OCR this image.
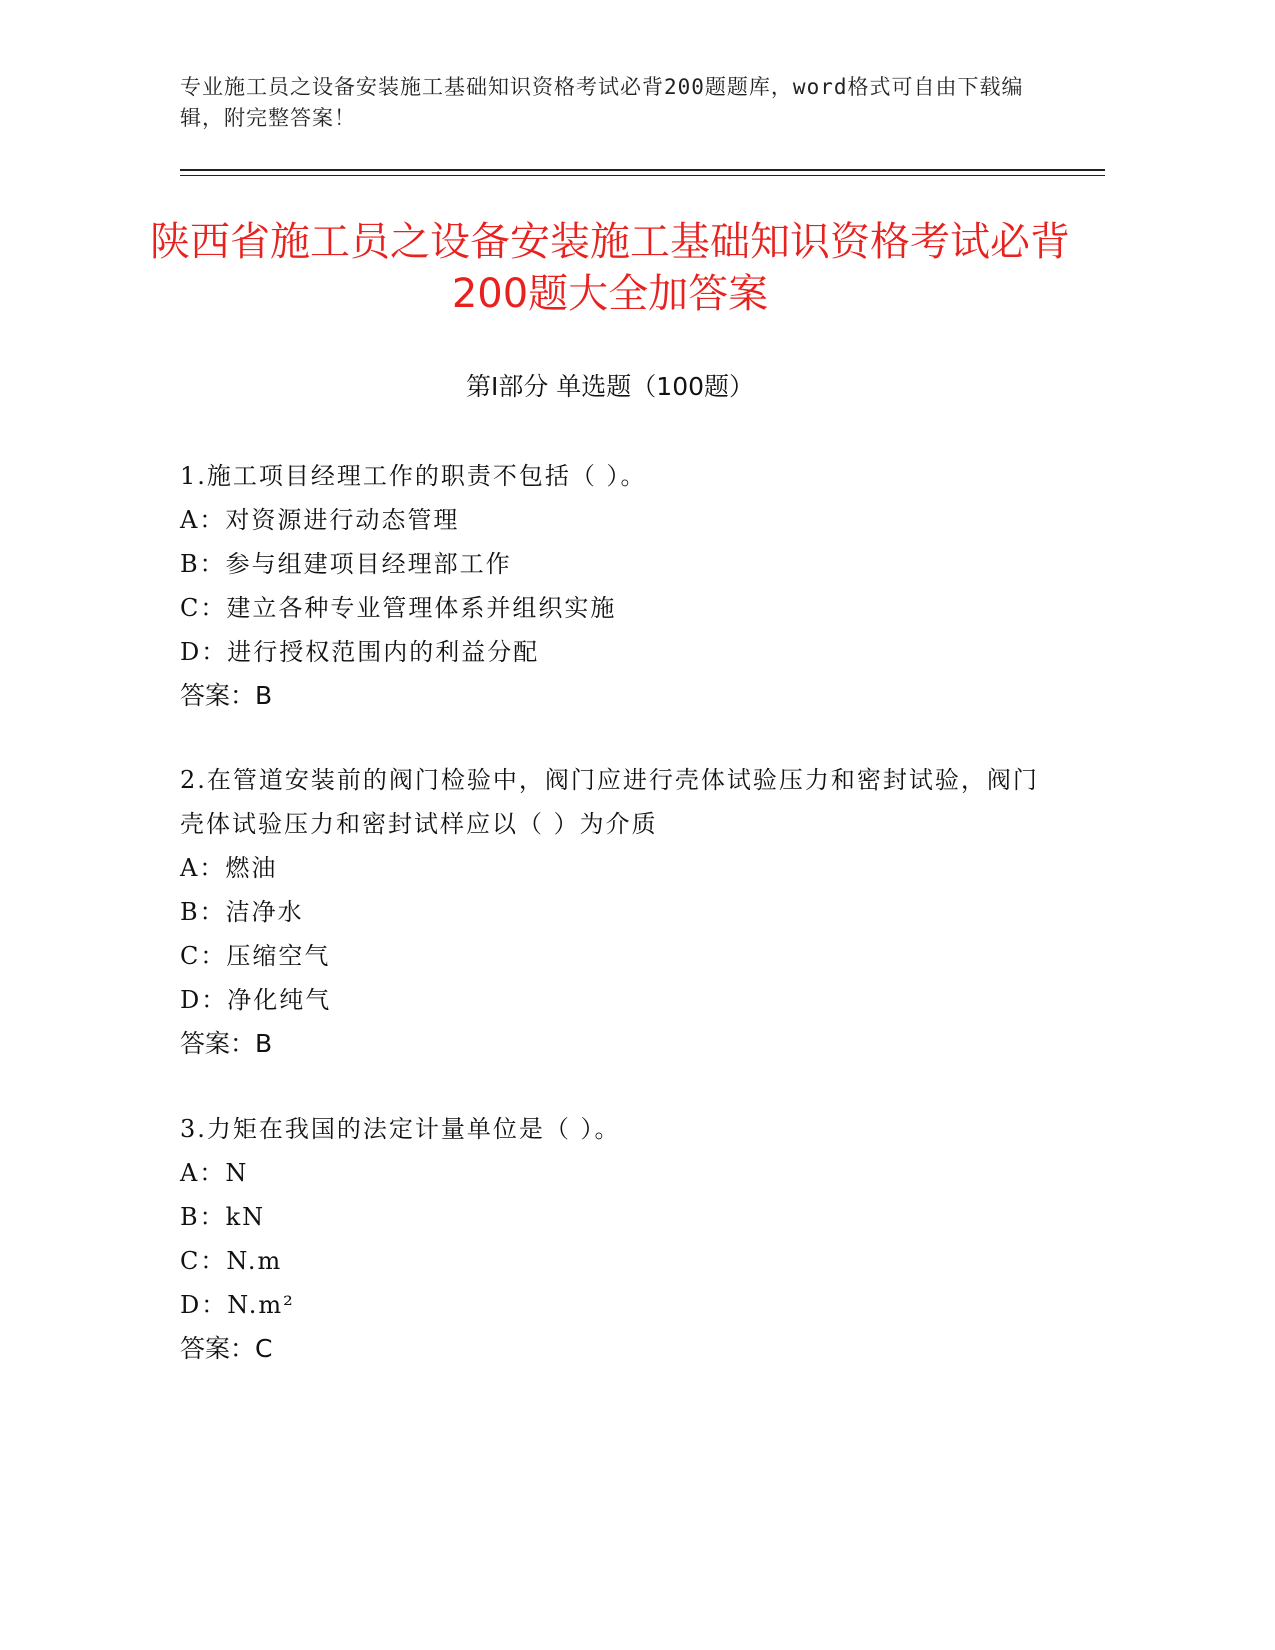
专业施工员之设备安装施工基础知识资格考试必背200题题库，word格式可自由下载编辑，附完整答案！
陕西省施工员之设备安装施工基础知识资格考试必背200题大全加答案
第Ⅰ部分 单选题（100题）

1.施工项目经理工作的职责不包括（ ）。

A：对资源进行动态管理

B：参与组建项目经理部工作

C：建立各种专业管理体系并组织实施

D：进行授权范围内的利益分配

答案：B

2.在管道安装前的阀门检验中，阀门应进行壳体试验压力和密封试验，阀门壳体试验压力和密封试样应以（ ）为介质

A：燃油

B：洁净水

C：压缩空气

D：净化纯气

答案：B

3.力矩在我国的法定计量单位是（ ）。

A：N

B：kN

C：N.m

D：N.m²

答案：C
